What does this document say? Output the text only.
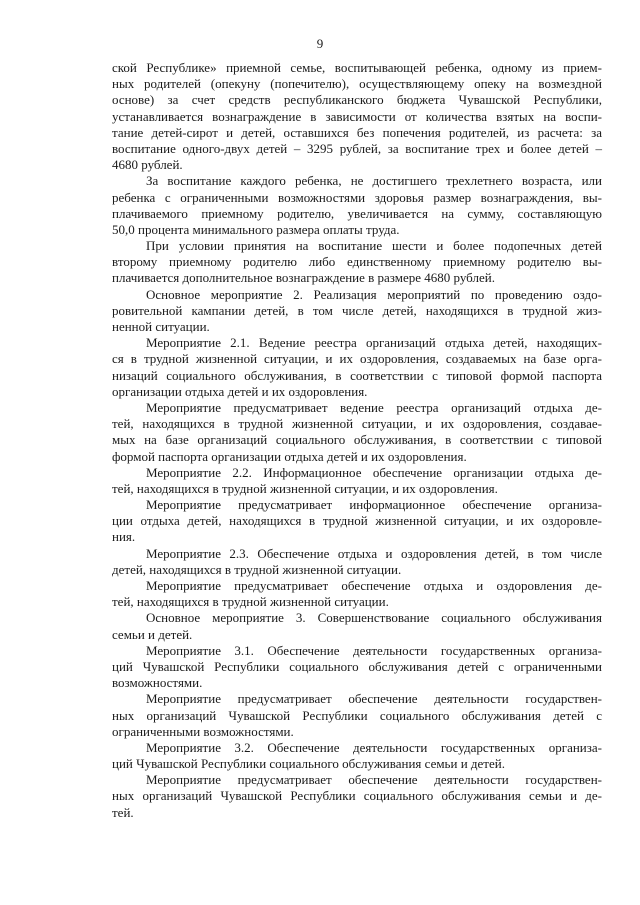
9
ской Республике» приемной семье, воспитывающей ребенка, одному из прием-
ных родителей (опекуну (попечителю), осуществляющему опеку на возмездной
основе) за счет средств республиканского бюджета Чувашской Республики,
устанавливается вознаграждение в зависимости от количества взятых на воспи-
тание детей-сирот и детей, оставшихся без попечения родителей, из расчета: за
воспитание одного-двух детей – 3295 рублей, за воспитание трех и более детей –
4680 рублей.
За воспитание каждого ребенка, не достигшего трехлетнего возраста, или
ребенка с ограниченными возможностями здоровья размер вознаграждения, вы-
плачиваемого приемному родителю, увеличивается на сумму, составляющую
50,0 процента минимального размера оплаты труда.
При условии принятия на воспитание шести и более подопечных детей
второму приемному родителю либо единственному приемному родителю вы-
плачивается дополнительное вознаграждение в размере 4680 рублей.
Основное мероприятие 2. Реализация мероприятий по проведению оздо-
ровительной кампании детей, в том числе детей, находящихся в трудной жиз-
ненной ситуации.
Мероприятие 2.1. Ведение реестра организаций отдыха детей, находящих-
ся в трудной жизненной ситуации, и их оздоровления, создаваемых на базе орга-
низаций социального обслуживания, в соответствии с типовой формой паспорта
организации отдыха детей и их оздоровления.
Мероприятие предусматривает ведение реестра организаций отдыха де-
тей, находящихся в трудной жизненной ситуации, и их оздоровления, создавае-
мых на базе организаций социального обслуживания, в соответствии с типовой
формой паспорта организации отдыха детей и их оздоровления.
Мероприятие 2.2. Информационное обеспечение организации отдыха де-
тей, находящихся в трудной жизненной ситуации, и их оздоровления.
Мероприятие предусматривает информационное обеспечение организа-
ции отдыха детей, находящихся в трудной жизненной ситуации, и их оздоровле-
ния.
Мероприятие 2.3. Обеспечение отдыха и оздоровления детей, в том числе
детей, находящихся в трудной жизненной ситуации.
Мероприятие предусматривает обеспечение отдыха и оздоровления де-
тей, находящихся в трудной жизненной ситуации.
Основное мероприятие 3. Совершенствование социального обслуживания
семьи и детей.
Мероприятие 3.1. Обеспечение деятельности государственных организа-
ций Чувашской Республики социального обслуживания детей с ограниченными
возможностями.
Мероприятие предусматривает обеспечение деятельности государствен-
ных организаций Чувашской Республики социального обслуживания детей с
ограниченными возможностями.
Мероприятие 3.2. Обеспечение деятельности государственных организа-
ций Чувашской Республики социального обслуживания семьи и детей.
Мероприятие предусматривает обеспечение деятельности государствен-
ных организаций Чувашской Республики социального обслуживания семьи и де-
тей.
